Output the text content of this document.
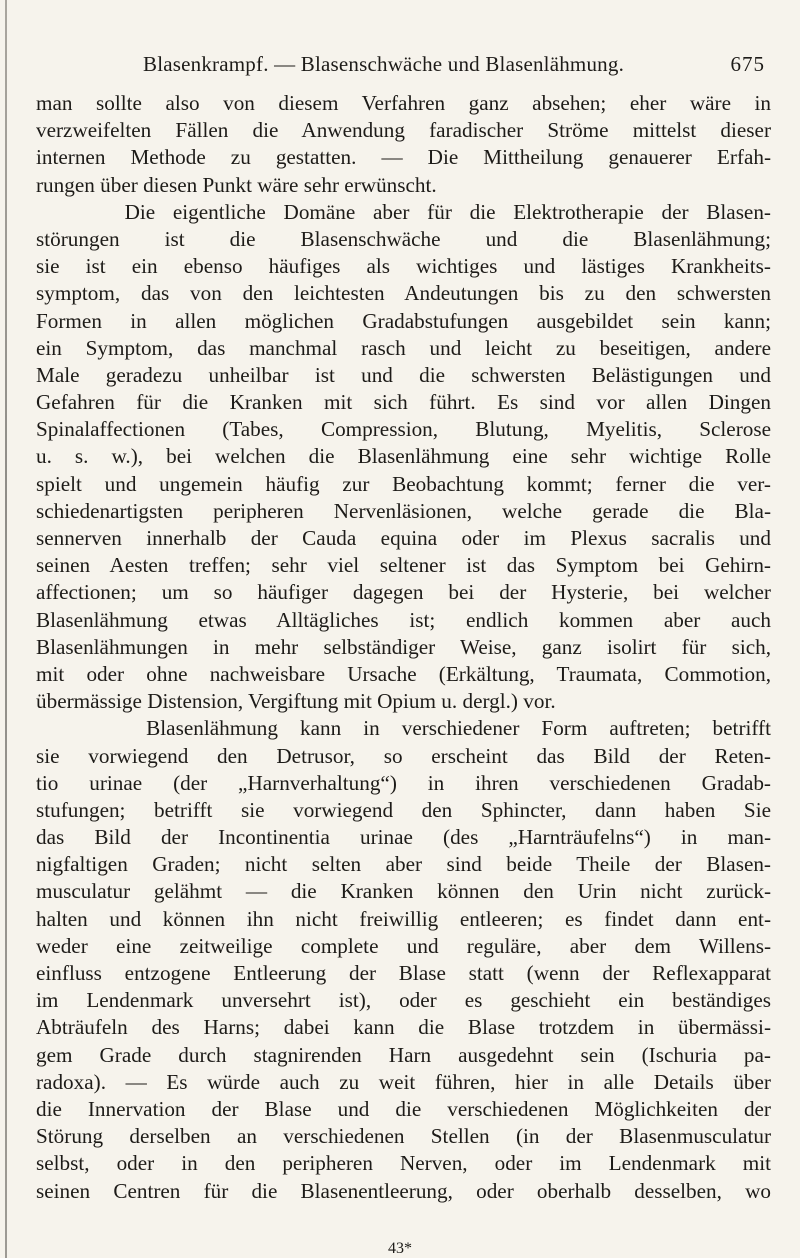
Blasenkrampf. — Blasenschwäche und Blasenlähmung.	675
man sollte also von diesem Verfahren ganz absehen; eher wäre in
verzweifelten Fällen die Anwendung faradischer Ströme mittelst dieser
internen Methode zu gestatten. — Die Mittheilung genauerer Erfah-
rungen über diesen Punkt wäre sehr erwünscht.
Die eigentliche Domäne aber für die Elektrotherapie der Blasen-
störungen ist die Blasenschwäche und die Blasenlähmung;
sie ist ein ebenso häufiges als wichtiges und lästiges Krankheits-
symptom, das von den leichtesten Andeutungen bis zu den schwersten
Formen in allen möglichen Gradabstufungen ausgebildet sein kann;
ein Symptom, das manchmal rasch und leicht zu beseitigen, andere
Male geradezu unheilbar ist und die schwersten Belästigungen und
Gefahren für die Kranken mit sich führt. Es sind vor allen Dingen
Spinalaffectionen (Tabes, Compression, Blutung, Myelitis, Sclerose
u. s. w.), bei welchen die Blasenlähmung eine sehr wichtige Rolle
spielt und ungemein häufig zur Beobachtung kommt; ferner die ver-
schiedenartigsten peripheren Nervenläsionen, welche gerade die Bla-
sennerven innerhalb der Cauda equina oder im Plexus sacralis und
seinen Aesten treffen; sehr viel seltener ist das Symptom bei Gehirn-
affectionen; um so häufiger dagegen bei der Hysterie, bei welcher
Blasenlähmung etwas Alltägliches ist; endlich kommen aber auch
Blasenlähmungen in mehr selbständiger Weise, ganz isolirt für sich,
mit oder ohne nachweisbare Ursache (Erkältung, Traumata, Commotion,
übermässige Distension, Vergiftung mit Opium u. dergl.) vor.
Blasenlähmung kann in verschiedener Form auftreten; betrifft
sie vorwiegend den Detrusor, so erscheint das Bild der Reten-
tio urinae (der „Harnverhaltung“) in ihren verschiedenen Gradab-
stufungen; betrifft sie vorwiegend den Sphincter, dann haben Sie
das Bild der Incontinentia urinae (des „Harnträufelns“) in man-
nigfaltigen Graden; nicht selten aber sind beide Theile der Blasen-
musculatur gelähmt — die Kranken können den Urin nicht zurück-
halten und können ihn nicht freiwillig entleeren; es findet dann ent-
weder eine zeitweilige complete und reguläre, aber dem Willens-
einfluss entzogene Entleerung der Blase statt (wenn der Reflexapparat
im Lendenmark unversehrt ist), oder es geschieht ein beständiges
Abträufeln des Harns; dabei kann die Blase trotzdem in übermässi-
gem Grade durch stagnirenden Harn ausgedehnt sein (Ischuria pa-
radoxa). — Es würde auch zu weit führen, hier in alle Details über
die Innervation der Blase und die verschiedenen Möglichkeiten der
Störung derselben an verschiedenen Stellen (in der Blasenmusculatur
selbst, oder in den peripheren Nerven, oder im Lendenmark mit
seinen Centren für die Blasenentleerung, oder oberhalb desselben, wo
43*
